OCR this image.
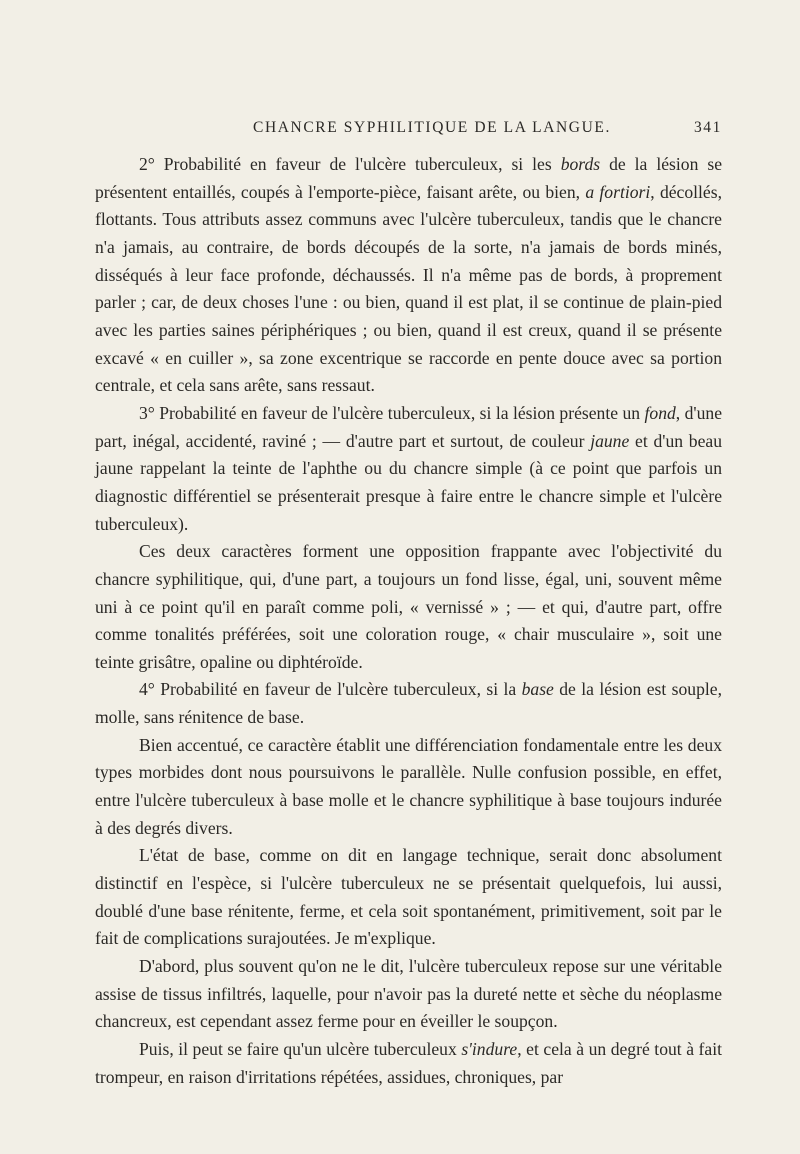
CHANCRE SYPHILITIQUE DE LA LANGUE.	341

2° Probabilité en faveur de l'ulcère tuberculeux, si les bords de la lésion se présentent entaillés, coupés à l'emporte-pièce, faisant arête, ou bien, a fortiori, décollés, flottants. Tous attributs assez communs avec l'ulcère tuberculeux, tandis que le chancre n'a jamais, au contraire, de bords découpés de la sorte, n'a jamais de bords minés, disséqués à leur face profonde, déchaussés. Il n'a même pas de bords, à proprement parler ; car, de deux choses l'une : ou bien, quand il est plat, il se continue de plain-pied avec les parties saines périphériques ; ou bien, quand il est creux, quand il se présente excavé « en cuiller », sa zone excentrique se raccorde en pente douce avec sa portion centrale, et cela sans arête, sans ressaut.

3° Probabilité en faveur de l'ulcère tuberculeux, si la lésion présente un fond, d'une part, inégal, accidenté, raviné ; — d'autre part et surtout, de couleur jaune et d'un beau jaune rappelant la teinte de l'aphthe ou du chancre simple (à ce point que parfois un diagnostic différentiel se présenterait presque à faire entre le chancre simple et l'ulcère tuberculeux).

Ces deux caractères forment une opposition frappante avec l'objectivité du chancre syphilitique, qui, d'une part, a toujours un fond lisse, égal, uni, souvent même uni à ce point qu'il en paraît comme poli, « vernissé » ; — et qui, d'autre part, offre comme tonalités préférées, soit une coloration rouge, « chair musculaire », soit une teinte grisâtre, opaline ou diphtéroïde.

4° Probabilité en faveur de l'ulcère tuberculeux, si la base de la lésion est souple, molle, sans rénitence de base.

Bien accentué, ce caractère établit une différenciation fondamentale entre les deux types morbides dont nous poursuivons le parallèle. Nulle confusion possible, en effet, entre l'ulcère tuberculeux à base molle et le chancre syphilitique à base toujours indurée à des degrés divers.

L'état de base, comme on dit en langage technique, serait donc absolument distinctif en l'espèce, si l'ulcère tuberculeux ne se présentait quelquefois, lui aussi, doublé d'une base rénitente, ferme, et cela soit spontanément, primitivement, soit par le fait de complications surajoutées. Je m'explique.

D'abord, plus souvent qu'on ne le dit, l'ulcère tuberculeux repose sur une véritable assise de tissus infiltrés, laquelle, pour n'avoir pas la dureté nette et sèche du néoplasme chancreux, est cependant assez ferme pour en éveiller le soupçon.

Puis, il peut se faire qu'un ulcère tuberculeux s'indure, et cela à un degré tout à fait trompeur, en raison d'irritations répétées, assidues, chroniques, par
